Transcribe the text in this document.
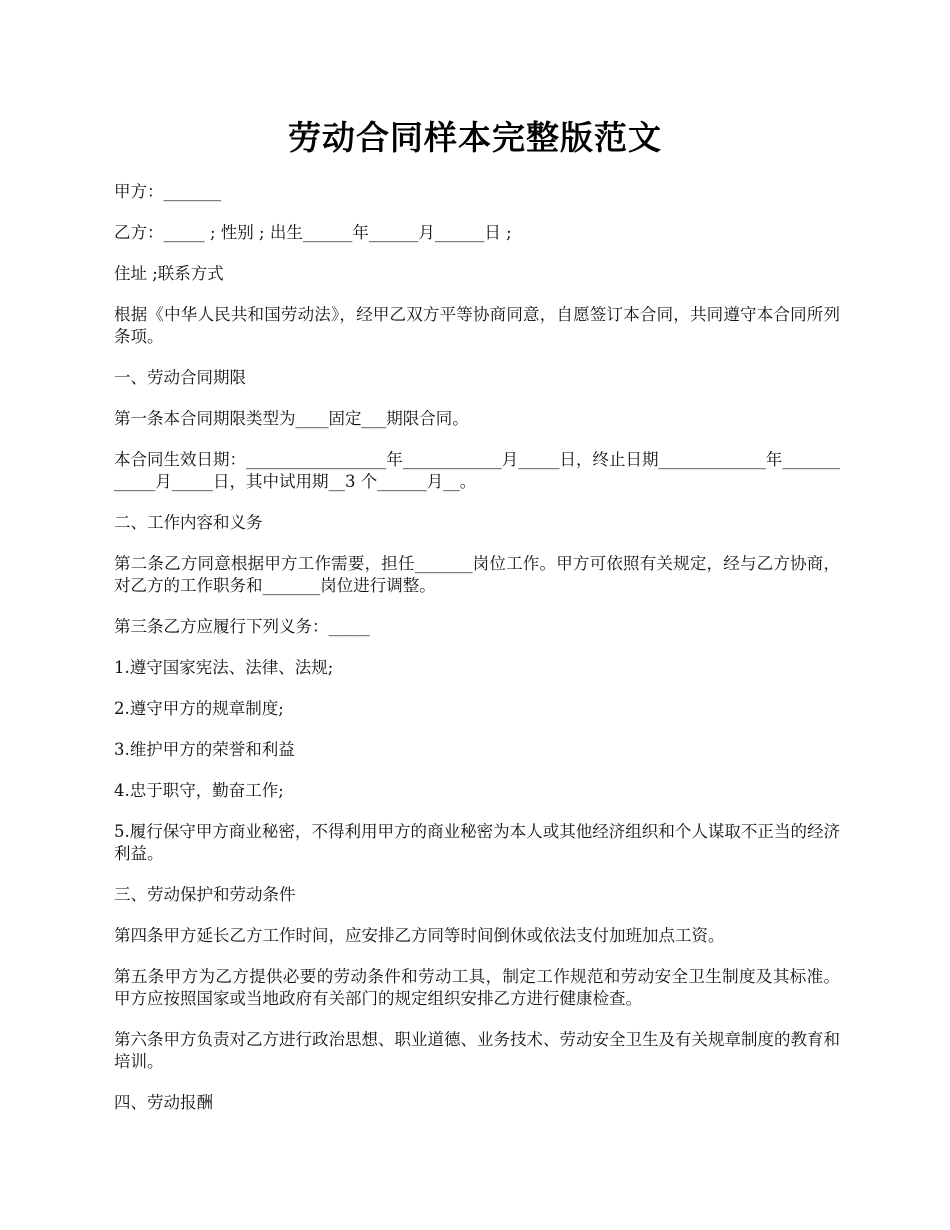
劳动合同样本完整版范文

甲方：_______

乙方：_____ ; 性别 ; 出生______年______月______日 ;

住址 ;联系方式

根据《中华人民共和国劳动法》，经甲乙双方平等协商同意，自愿签订本合同，共同遵守本合同所列条项。

一、劳动合同期限

第一条本合同期限类型为____固定___期限合同。

本合同生效日期：_________________年____________月_____日，终止日期_____________年____________月_____日，其中试用期__3 个______月__。

二、工作内容和义务

第二条乙方同意根据甲方工作需要，担任_______岗位工作。甲方可依照有关规定，经与乙方协商，对乙方的工作职务和_______岗位进行调整。

第三条乙方应履行下列义务：_____

1.遵守国家宪法、法律、法规;

2.遵守甲方的规章制度;

3.维护甲方的荣誉和利益

4.忠于职守，勤奋工作;

5.履行保守甲方商业秘密，不得利用甲方的商业秘密为本人或其他经济组织和个人谋取不正当的经济利益。

三、劳动保护和劳动条件

第四条甲方延长乙方工作时间，应安排乙方同等时间倒休或依法支付加班加点工资。

第五条甲方为乙方提供必要的劳动条件和劳动工具，制定工作规范和劳动安全卫生制度及其标准。 甲方应按照国家或当地政府有关部门的规定组织安排乙方进行健康检查。

第六条甲方负责对乙方进行政治思想、职业道德、业务技术、劳动安全卫生及有关规章制度的教育和培训。

四、劳动报酬
